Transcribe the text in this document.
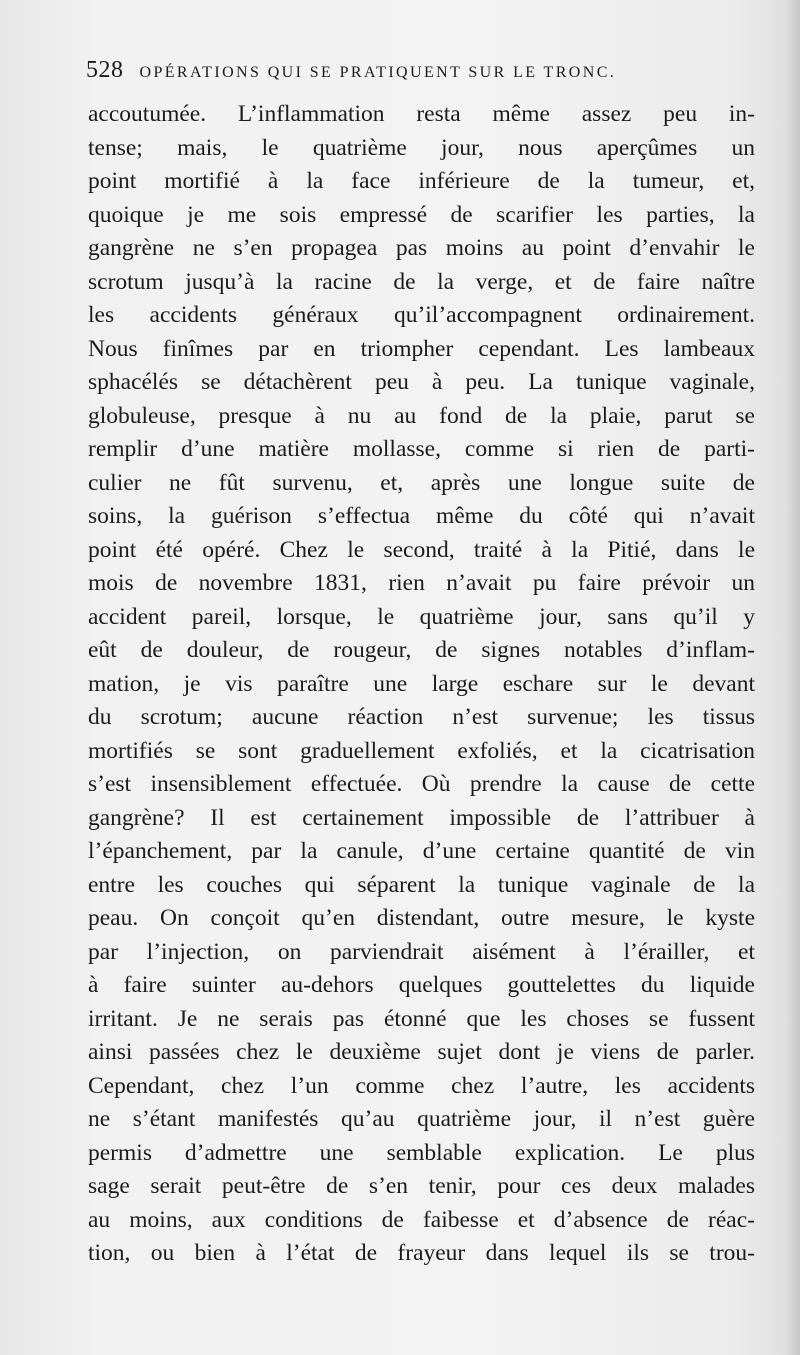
528 OPÉRATIONS QUI SE PRATIQUENT SUR LE TRONC.
accoutumée. L’inflammation resta même assez peu in-
tense; mais, le quatrième jour, nous aperçûmes un
point mortifié à la face inférieure de la tumeur, et,
quoique je me sois empressé de scarifier les parties, la
gangrène ne s’en propagea pas moins au point d’envahir le
scrotum jusqu’à la racine de la verge, et de faire naître
les accidents généraux qu’il’accompagnent ordinairement.
Nous finîmes par en triompher cependant. Les lambeaux
sphacélés se détachèrent peu à peu. La tunique vaginale,
globuleuse, presque à nu au fond de la plaie, parut se
remplir d’une matière mollasse, comme si rien de parti-
culier ne fût survenu, et, après une longue suite de
soins, la guérison s’effectua même du côté qui n’avait
point été opéré. Chez le second, traité à la Pitié, dans le
mois de novembre 1831, rien n’avait pu faire prévoir un
accident pareil, lorsque, le quatrième jour, sans qu’il y
eût de douleur, de rougeur, de signes notables d’inflam-
mation, je vis paraître une large eschare sur le devant
du scrotum; aucune réaction n’est survenue; les tissus
mortifiés se sont graduellement exfoliés, et la cicatrisation
s’est insensiblement effectuée. Où prendre la cause de cette
gangrène? Il est certainement impossible de l’attribuer à
l’épanchement, par la canule, d’une certaine quantité de vin
entre les couches qui séparent la tunique vaginale de la
peau. On conçoit qu’en distendant, outre mesure, le kyste
par l’injection, on parviendrait aisément à l’érailler, et
à faire suinter au-dehors quelques gouttelettes du liquide
irritant. Je ne serais pas étonné que les choses se fussent
ainsi passées chez le deuxième sujet dont je viens de parler.
Cependant, chez l’un comme chez l’autre, les accidents
ne s’étant manifestés qu’au quatrième jour, il n’est guère
permis d’admettre une semblable explication. Le plus
sage serait peut-être de s’en tenir, pour ces deux malades
au moins, aux conditions de faibesse et d’absence de réac-
tion, ou bien à l’état de frayeur dans lequel ils se trou-
